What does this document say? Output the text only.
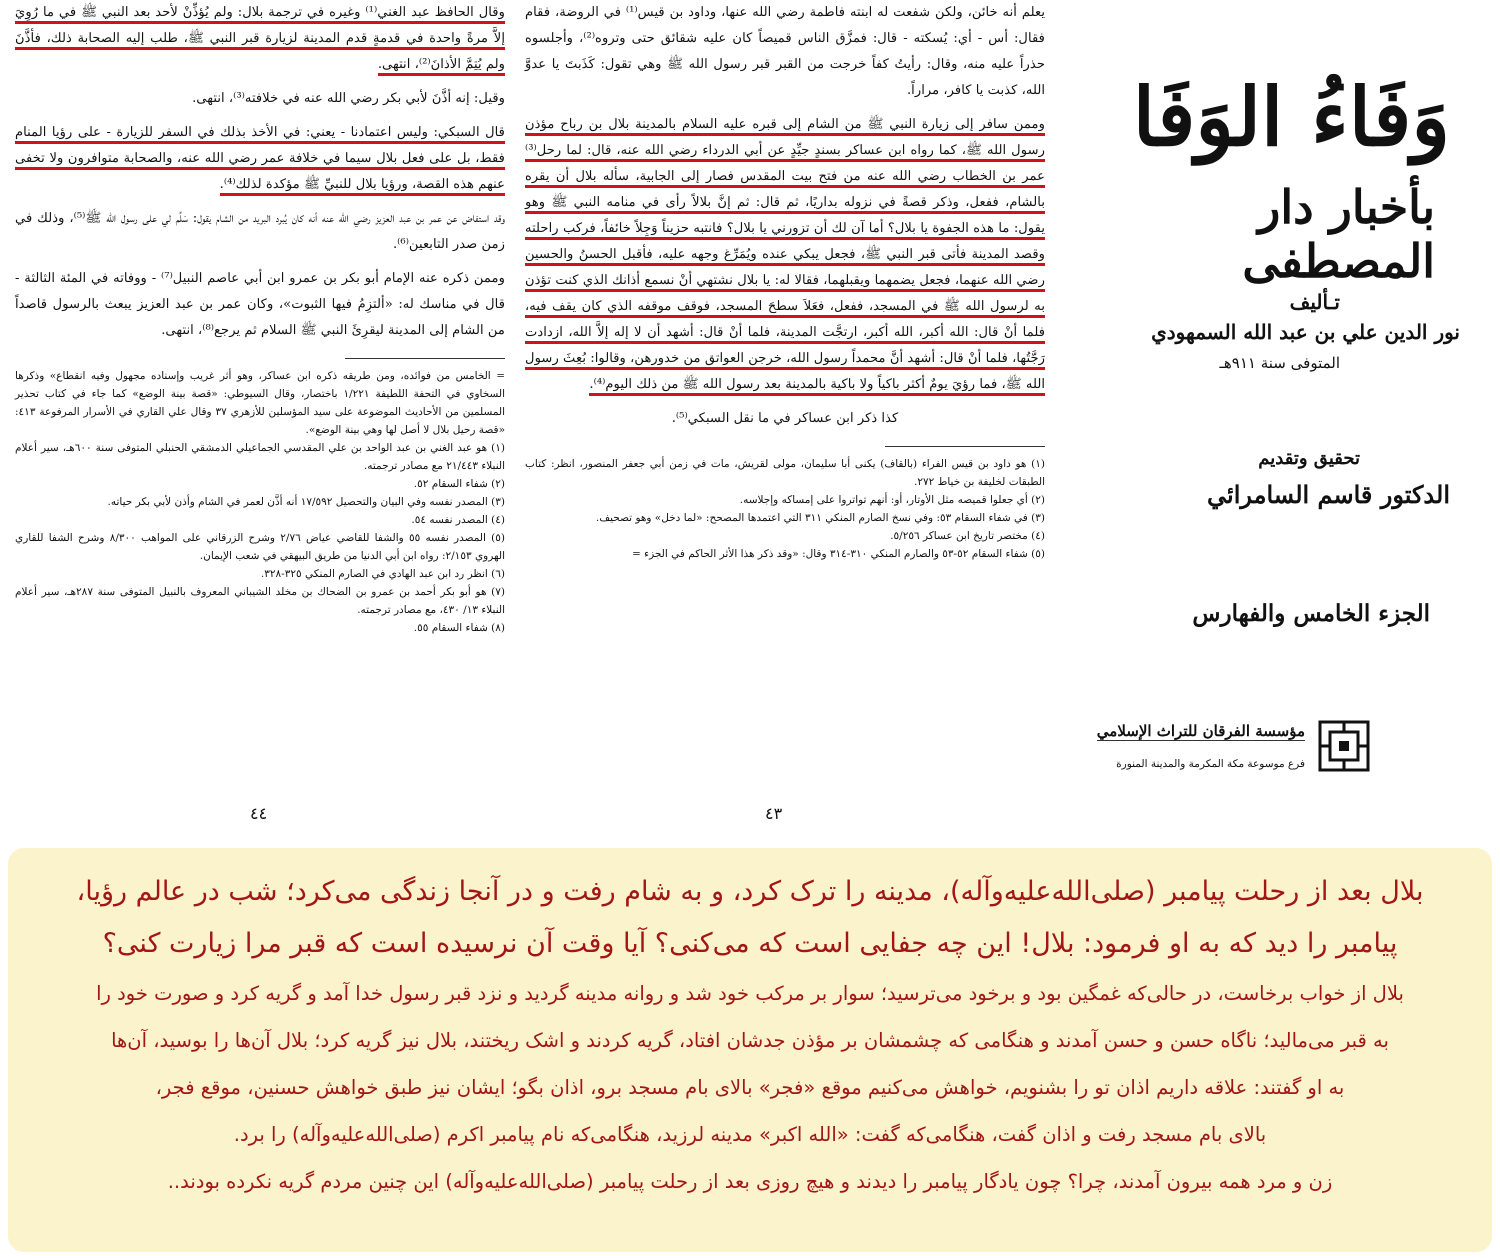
وقال الحافظ عبد الغني⁽¹⁾ وغيره في ترجمة بلال: ولم يُؤذِّنْ لأحد بعد النبي ﷺ في ما رُوِيَ إلاَّ مرةً واحدة في قدمةٍ قدم المدينة لزيارة قبر النبي ﷺ، طلب إليه الصحابة ذلك، فأذَّنَ ولم يُتِمَّ الأذانَ⁽²⁾، انتهى.

وقيل: إنه أذَّنَ لأبي بكر رضي الله عنه في خلافته⁽³⁾، انتهى.

قال السبكي: وليس اعتمادنا - يعني: في الأخذ بذلك في السفر للزيارة - على رؤيا المنام فقط، بل على فعل بلال سيما في خلافة عمر رضي الله عنه، والصحابة متوافرون ولا تخفى عنهم هذه القصة، ورؤيا بلال للنبيِّ ﷺ مؤكدة لذلك⁽⁴⁾.

وقد استفاض عن عمر بن عبد العزيز رضي الله عنه أنه كان يُبرد البريد من الشام يقول: سَلِّم لي على رسول الله ﷺ⁽⁵⁾، وذلك في زمن صدر التابعين⁽⁶⁾.

وممن ذكره عنه الإمام أبو بكر بن عمرو ابن أبي عاصم النبيل⁽⁷⁾ - ووفاته في المئة الثالثة - قال في مناسك له: «ألتزِمُ فيها الثبوت»، وكان عمر بن عبد العزيز يبعث بالرسول قاصداً من الشام إلى المدينة ليقرِئَ النبي ﷺ السلام ثم يرجع⁽⁸⁾، انتهى.

= الخامس من فوائده، ومن طريقه ذكره ابن عساكر، وهو أثر غريب وإسناده مجهول وفيه انقطاع» وذكرها السخاوي في التحفة اللطيفة ١/٢٢١ باختصار، وقال السيوطي: «قصة بينة الوضع» كما جاء في كتاب تحذير المسلمين من الأحاديث الموضوعة على سيد المؤسلين للأزهري ٣٧ وقال علي القاري في الأسرار المرفوعة ٤١٣: «قصة رحيل بلال لا أصل لها وهي بينة الوضع».

(١) هو عبد الغني بن عبد الواحد بن علي المقدسي الجماعيلي الدمشقي الحنبلي المتوفى سنة ٦٠٠هـ، سير أعلام النبلاء ٢١/٤٤٣ مع مصادر ترجمته.

(٢) شفاء السقام ٥٢.

(٣) المصدر نفسه وفي البيان والتحصيل ١٧/٥٩٢ أنه أذَّن لعمر في الشام وأذن لأبي بكر حياته.

(٤) المصدر نفسه ٥٤.

(٥) المصدر نفسه ٥٥ والشفا للقاضي عياض ٢/٧٦ وشرح الزرقاني على المواهب ٨/٣٠٠ وشرح الشفا للقاري الهروي ٢/١٥٣: رواه ابن أبي الدنيا من طريق البيهقي في شعب الإيمان.

(٦) انظر رد ابن عبد الهادي في الصارم المنكي ٣٢٥-٣٢٨.

(٧) هو أبو بكر أحمد بن عمرو بن الضحاك بن مخلد الشيباني المعروف بالنبيل المتوفى سنة ٢٨٧هـ، سير أعلام النبلاء ١٣/ ٤٣٠، مع مصادر ترجمته.

(٨) شفاء السقام ٥٥.

٤٤

يعلم أنه خائن، ولكن شفعت له ابنته فاطمة رضي الله عنها، وداود بن قيس⁽¹⁾ في الروضة، فقام فقال: أس - أي: يُسكته - قال: فمزَّق الناس قميصاً كان عليه شقائق حتى وتروه⁽²⁾، وأجلسوه حذراً عليه منه، وقال: رأيتُ كفاً خرجت من القبر قبر رسول الله ﷺ وهي تقول: كَذَبتَ يا عدوَّ الله، كذبت يا كافر، مراراً.

وممن سافر إلى زيارة النبي ﷺ من الشام إلى قبره عليه السلام بالمدينة بلال بن رباح مؤذن رسول الله ﷺ، كما رواه ابن عساكر بسندٍ جيِّدٍ عن أبي الدرداء رضي الله عنه، قال: لما رحل⁽³⁾ عمر بن الخطاب رضي الله عنه من فتح بيت المقدس فصار إلى الجابية، سأله بلال أن يقره بالشام، ففعل، وذكر قصةً في نزوله بداريًا، ثم قال: ثم إنَّ بلالاً رأى في منامه النبي ﷺ وهو يقول: ما هذه الجفوة يا بلال؟ أما آن لك أن تزورني يا بلال؟ فانتبه حزيناً وَجِلاً خائفاً، فركب راحلته وقصد المدينة فأتى قبر النبي ﷺ، فجعل يبكي عنده ويُمَرِّغ وجهه عليه، فأقبل الحسنُ والحسين رضي الله عنهما، فجعل يضمهما ويقبلهما، فقالا له: يا بلال نشتهي أنْ نسمع أذانك الذي كنت تؤذن به لرسول الله ﷺ في المسجد، ففعل، فعَلاَ سطحَ المسجد، فوقف موقفه الذي كان يقف فيه، فلما أنْ قال: الله أكبر، الله أكبر، ارتجَّت المدينة، فلما أنْ قال: أشهد أن لا إله إلاَّ الله، ازدادت رَجَّتُها، فلما أنْ قال: أشهد أنَّ محمداً رسول الله، خرجن العواتق من خدورهن، وقالوا: بُعِثَ رسول الله ﷺ، فما رؤيَ يومٌ أكثر باكياً ولا باكية بالمدينة بعد رسول الله ﷺ من ذلك اليوم⁽⁴⁾.

كذا ذكر ابن عساكر في ما نقل السبكي⁽⁵⁾.

(١) هو داود بن قيس الفراء (بالقاف) يكنى أبا سليمان، مولى لقريش، مات في زمن أبي جعفر المنصور، انظر: كتاب الطبقات لخليفة بن خياط ٢٧٢.

(٢) أي جعلوا قميصه مثل الأوتار، أو: أنهم تواتروا على إمساكه وإجلاسه.

(٣) في شفاء السقام ٥٣: وفي نسخ الصارم المنكي ٣١١ التي اعتمدها المصحح: «لما دخل» وهو تصحيف.

(٤) مختصر تاريخ ابن عساكر ٥/٢٥٦.

(٥) شفاء السقام ٥٢-٥٣ والصارم المنكي ٣١٠-٣١٤ وقال: «وقد ذكر هذا الأثر الحاكم في الجزء =

٤٣
وَفَاءُ الوَفَا
بأخبار دار المصطفى
تـأليف
نور الدين علي بن عبد الله السمهودي
المتوفى سنة ٩١١هـ
تحقيق وتقديم
الدكتور قاسم السامرائي
الجزء الخامس والفهارس
مؤسسة الفرقان للتراث الإسلامي
فرع موسوعة مكة المكرمة والمدينة المنورة

بلال بعد از رحلت پیامبر (صلی‌الله‌علیه‌وآله)، مدینه را ترک کرد، و به شام رفت و در آنجا زندگی می‌کرد؛ شب در عالم رؤیا،

پیامبر را دید که به او فرمود: بلال! این چه جفایی است که می‌کنی؟ آیا وقت آن نرسیده است که قبر مرا زیارت کنی؟

بلال از خواب برخاست، در حالی‌که غمگین بود و برخود می‌ترسید؛ سوار بر مرکب خود شد و روانه مدینه گردید و نزد قبر رسول خدا آمد و گریه کرد و صورت خود را

به قبر می‌مالید؛ ناگاه حسن و حسن آمدند و هنگامی که چشمشان بر مؤذن جدشان افتاد، گریه کردند و اشک ریختند، بلال نیز گریه کرد؛ بلال آن‌ها را بوسید، آن‌ها

به او گفتند: علاقه داریم اذان تو را بشنویم، خواهش می‌کنیم موقع «فجر» بالای بام مسجد برو، اذان بگو؛ ایشان نیز طبق خواهش حسنین، موقع فجر،

بالای بام مسجد رفت و اذان گفت، هنگامی‌که گفت: «الله اکبر» مدینه لرزید، هنگامی‌که نام پیامبر اکرم (صلی‌الله‌علیه‌وآله) را برد.

زن و مرد همه بیرون آمدند، چرا؟ چون یادگار پیامبر را دیدند و هیچ روزی بعد از رحلت پیامبر (صلی‌الله‌علیه‌وآله) این چنین مردم گریه نکرده بودند..
